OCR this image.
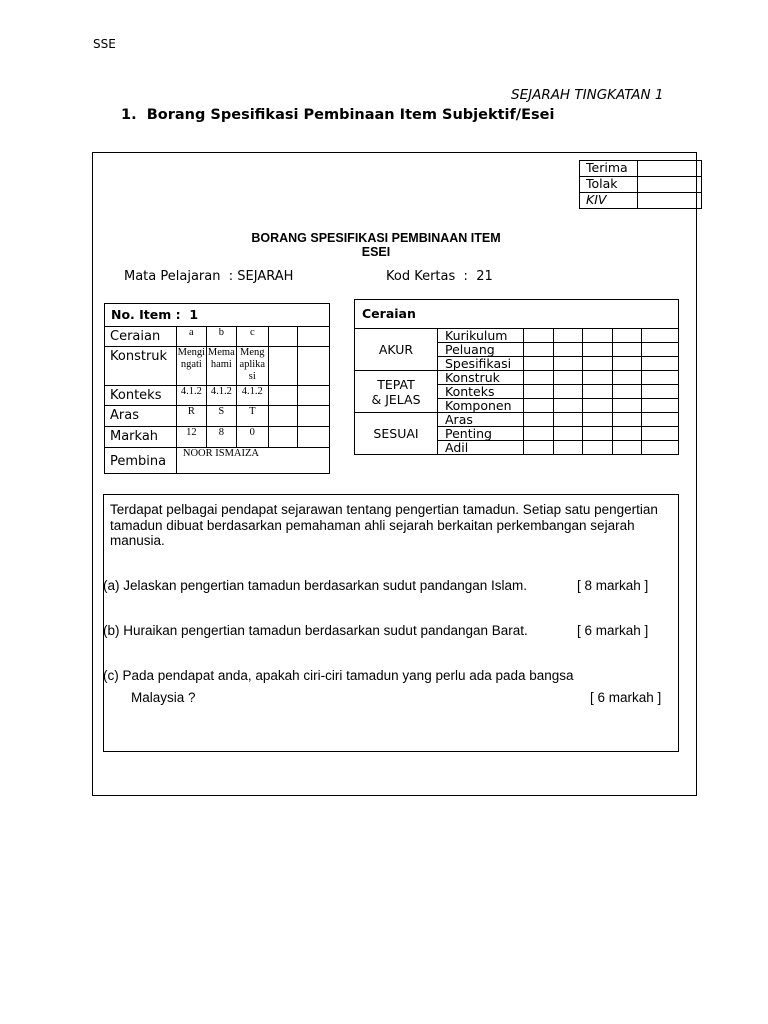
SSE
SEJARAH TINGKATAN 1
1. Borang Spesifikasi Pembinaan Item Subjektif/Esei
Terima	
Tolak	
KIV	
BORANG SPESIFIKASI PEMBINAAN ITEM
ESEI
Mata Pelajaran : SEJARAH	Kod Kertas : 21
No. Item : 1					
Ceraian	a	b	c		
Konstruk	Mengi ngati	Mema hami	Meng aplika si		
Konteks	4.1.2	4.1.2	4.1.2		
Aras	R	S	T		
Markah	12	8	0		
Pembina	NOOR ISMAIZA				
Ceraian						
AKUR	Kurikulum					
	Peluang					
	Spesifikasi					
TEPAT & JELAS	Konstruk					
	Konteks					
	Komponen					
SESUAI	Aras					
	Penting					
	Adil					
Terdapat pelbagai pendapat sejarawan tentang pengertian tamadun. Setiap satu pengertian tamadun dibuat berdasarkan pemahaman ahli sejarah berkaitan perkembangan sejarah manusia.
(a) Jelaskan pengertian tamadun berdasarkan sudut pandangan Islam.	[ 8 markah ]
(b) Huraikan pengertian tamadun berdasarkan sudut pandangan Barat.	[ 6 markah ]
(c) Pada pendapat anda, apakah ciri-ciri tamadun yang perlu ada pada bangsa
Malaysia ?	[ 6 markah ]
